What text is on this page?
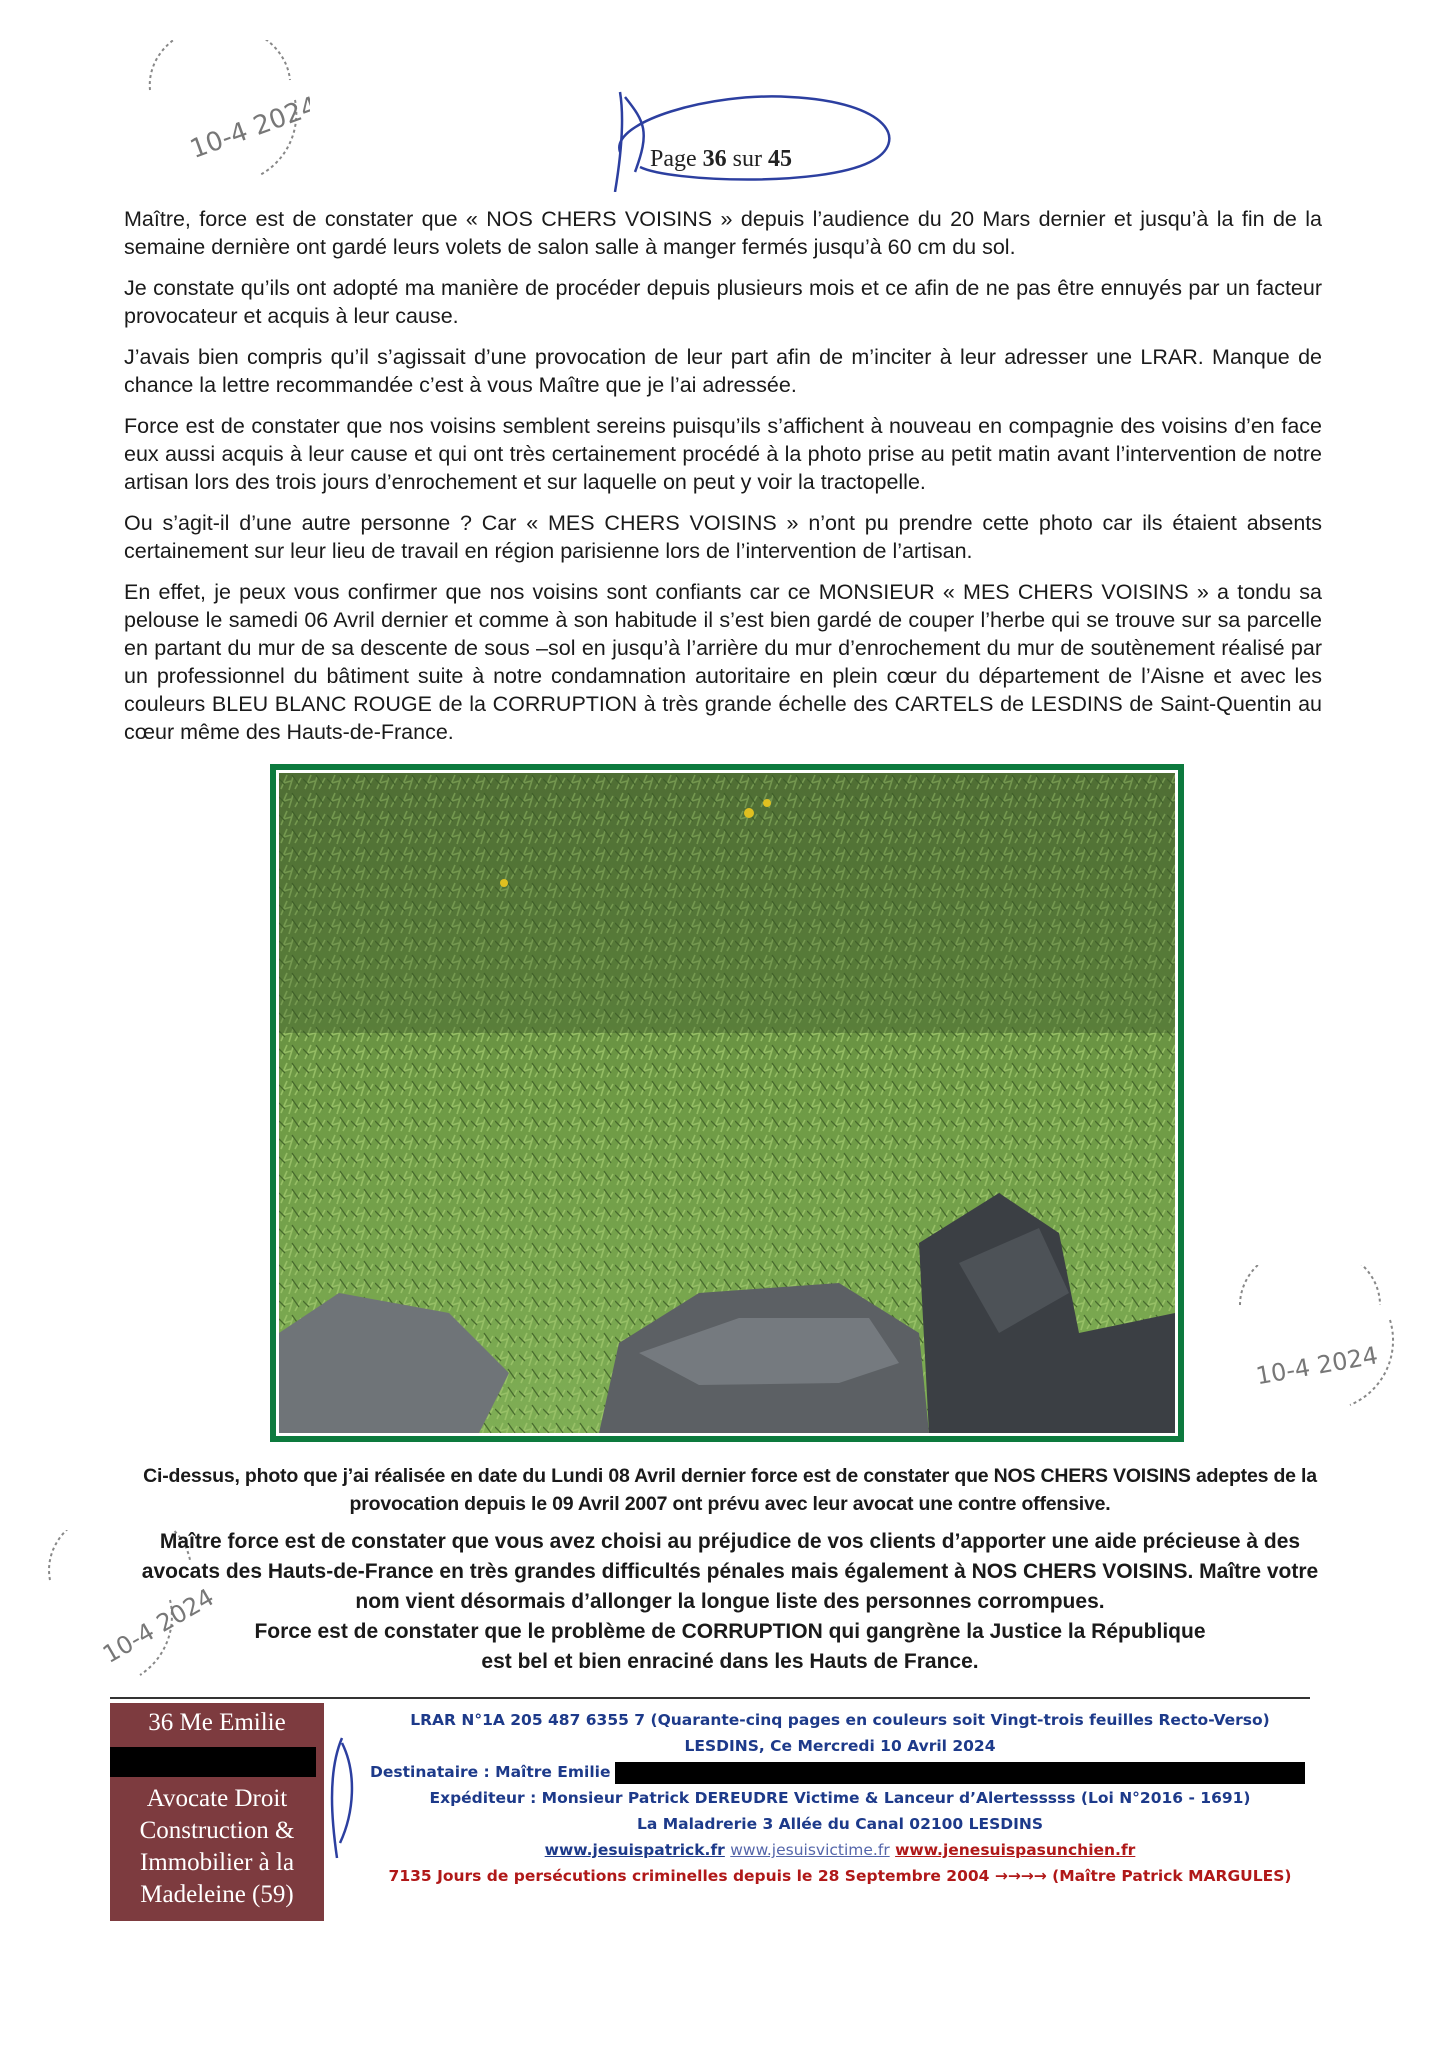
10-4 2024
10-4 2024
10-4 2024
Page 36 sur 45

Maître, force est de constater que « NOS CHERS VOISINS » depuis l’audience du 20 Mars dernier et jusqu’à la fin de la semaine dernière ont gardé leurs volets de salon salle à manger fermés jusqu’à 60 cm du sol.

Je constate qu’ils ont adopté ma manière de procéder depuis plusieurs mois et ce afin de ne pas être ennuyés par un facteur provocateur et acquis à leur cause.

J’avais bien compris qu’il s’agissait d’une provocation de leur part afin de m’inciter à leur adresser une LRAR. Manque de chance la lettre recommandée c’est à vous Maître que je l’ai adressée.

Force est de constater que nos voisins semblent sereins puisqu’ils s’affichent à nouveau en compagnie des voisins d’en face eux aussi acquis à leur cause et qui ont très certainement procédé à la photo prise au petit matin avant l’intervention de notre artisan lors des trois jours d’enrochement et sur laquelle on peut y voir la tractopelle.

Ou s’agit-il d’une autre personne ? Car « MES CHERS VOISINS » n’ont pu prendre cette photo car ils étaient absents certainement sur leur lieu de travail en région parisienne lors de l’intervention de l’artisan.

En effet, je peux vous confirmer que nos voisins sont confiants car ce MONSIEUR « MES CHERS VOISINS » a tondu sa pelouse le samedi 06 Avril dernier et comme à son habitude il s’est bien gardé de couper l’herbe qui se trouve sur sa parcelle en partant du mur de sa descente de sous –sol en jusqu’à l’arrière du mur d’enrochement du mur de soutènement réalisé par un professionnel du bâtiment suite à notre condamnation autoritaire en plein cœur du département de l’Aisne et avec les couleurs BLEU BLANC ROUGE de la CORRUPTION à très grande échelle des CARTELS de LESDINS de Saint-Quentin au cœur même des Hauts-de-France.

Ci-dessus, photo que j’ai réalisée en date du Lundi 08 Avril dernier force est de constater que NOS CHERS VOISINS adeptes de la
provocation depuis le 09 Avril 2007 ont prévu avec leur avocat une contre offensive.
Maître force est de constater que vous avez choisi au préjudice de vos clients d’apporter une aide précieuse à des
avocats des Hauts-de-France en très grandes difficultés pénales mais également à NOS CHERS VOISINS. Maître votre
nom vient désormais d’allonger la longue liste des personnes corrompues.
Force est de constater que le problème de CORRUPTION qui gangrène la Justice la République
est bel et bien enraciné dans les Hauts de France.
36 Me Emilie
Avocate Droit
Construction &
Immobilier à la
Madeleine (59)
LRAR N°1A 205 487 6355 7 (Quarante-cinq pages en couleurs soit Vingt-trois feuilles Recto-Verso)
LESDINS, Ce Mercredi 10 Avril 2024
Destinataire : Maître Emilie
Expéditeur : Monsieur Patrick DEREUDRE Victime & Lanceur d’Alertesssss (Loi N°2016 - 1691)
La Maladrerie 3 Allée du Canal 02100 LESDINS
www.jesuispatrick.fr www.jesuisvictime.fr www.jenesuispasunchien.fr
7135 Jours de persécutions criminelles depuis le 28 Septembre 2004 →→→→ (Maître Patrick MARGULES)
